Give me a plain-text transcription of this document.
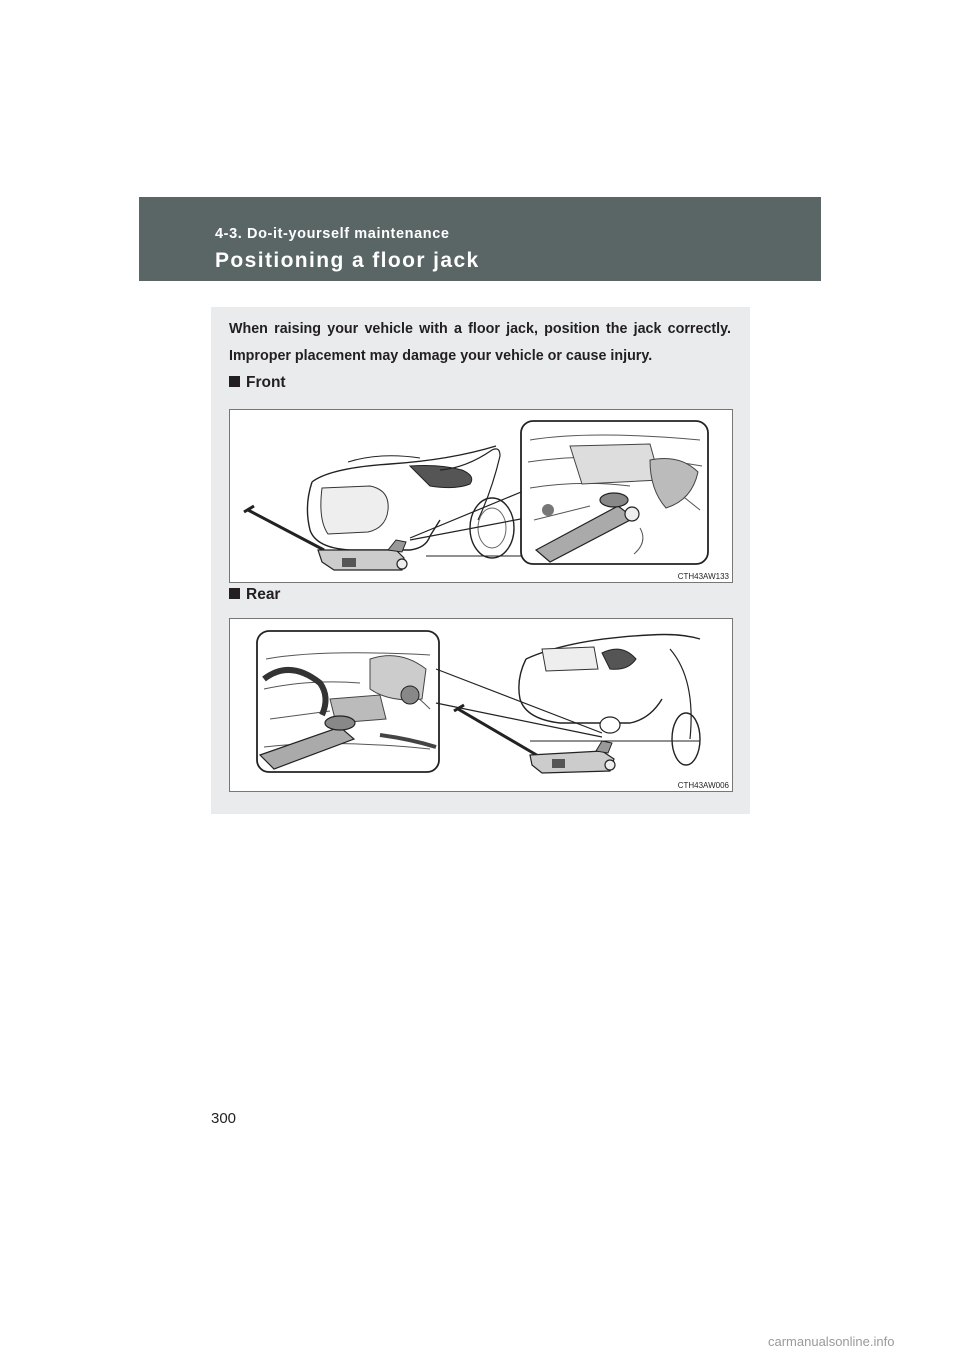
4-3. Do-it-yourself maintenance
Positioning a floor jack
When raising your vehicle with a floor jack, position the jack correctly. Improper placement may damage your vehicle or cause injury.
Front
CTH43AW133
Rear
CTH43AW006
300
carmanualsonline.info
